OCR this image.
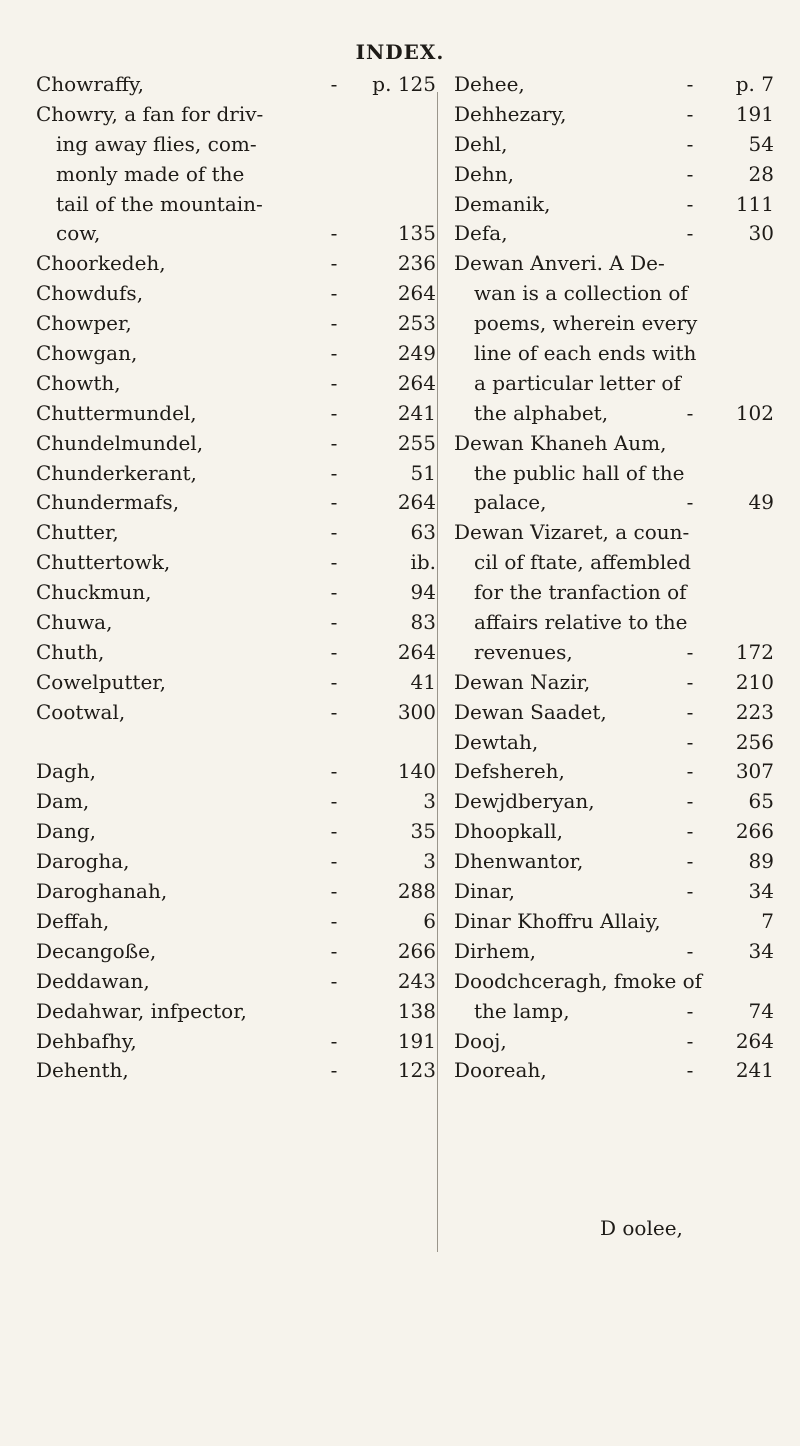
INDEX.
Chowraffy,	-	p. 125
Chowry, a fan for driv-
ing away flies, com-
monly made of the
tail of the mountain-
cow,	-	135
Choorkedeh,	-	236
Chowdufs,	-	264
Chowper,	-	253
Chowgan,	-	249
Chowth,	-	264
Chuttermundel,	-	241
Chundelmundel,	-	255
Chunderkerant,	-	51
Chundermafs,	-	264
Chutter,	-	63
Chuttertowk,	-	ib.
Chuckmun,	-	94
Chuwa,	-	83
Chuth,	-	264
Cowelputter,	-	41
Cootwal,	-	300
Dagh,	-	140
Dam,	-	3
Dang,	-	35
Darogha,	-	3
Daroghanah,	-	288
Deffah,	-	6
Decangoße,	-	266
Deddawan,	-	243
Dedahwar, infpector,	138
Dehbafhy,	-	191
Dehenth,	-	123
Dehee,	-	p. 7
Dehhezary,	-	191
Dehl,	-	54
Dehn,	-	28
Demanik,	-	111
Defa,	-	30
Dewan Anveri. A De-
wan is a collection of
poems, wherein every
line of each ends with
a particular letter of
the alphabet,	-	102
Dewan Khaneh Aum,
the public hall of the
palace,	-	49
Dewan Vizaret, a coun-
cil of ftate, affembled
for the tranfaction of
affairs relative to the
revenues,	-	172
Dewan Nazir,	-	210
Dewan Saadet,	-	223
Dewtah,	-	256
Defshereh,	-	307
Dewjdberyan,	-	65
Dhoopkall,	-	266
Dhenwantor,	-	89
Dinar,	-	34
Dinar Khoffru Allaiy,	7
Dirhem,	-	34
Doodchceragh, fmoke of
the lamp,	-	74
Dooj,	-	264
Dooreah,	-	241
D oolee,
